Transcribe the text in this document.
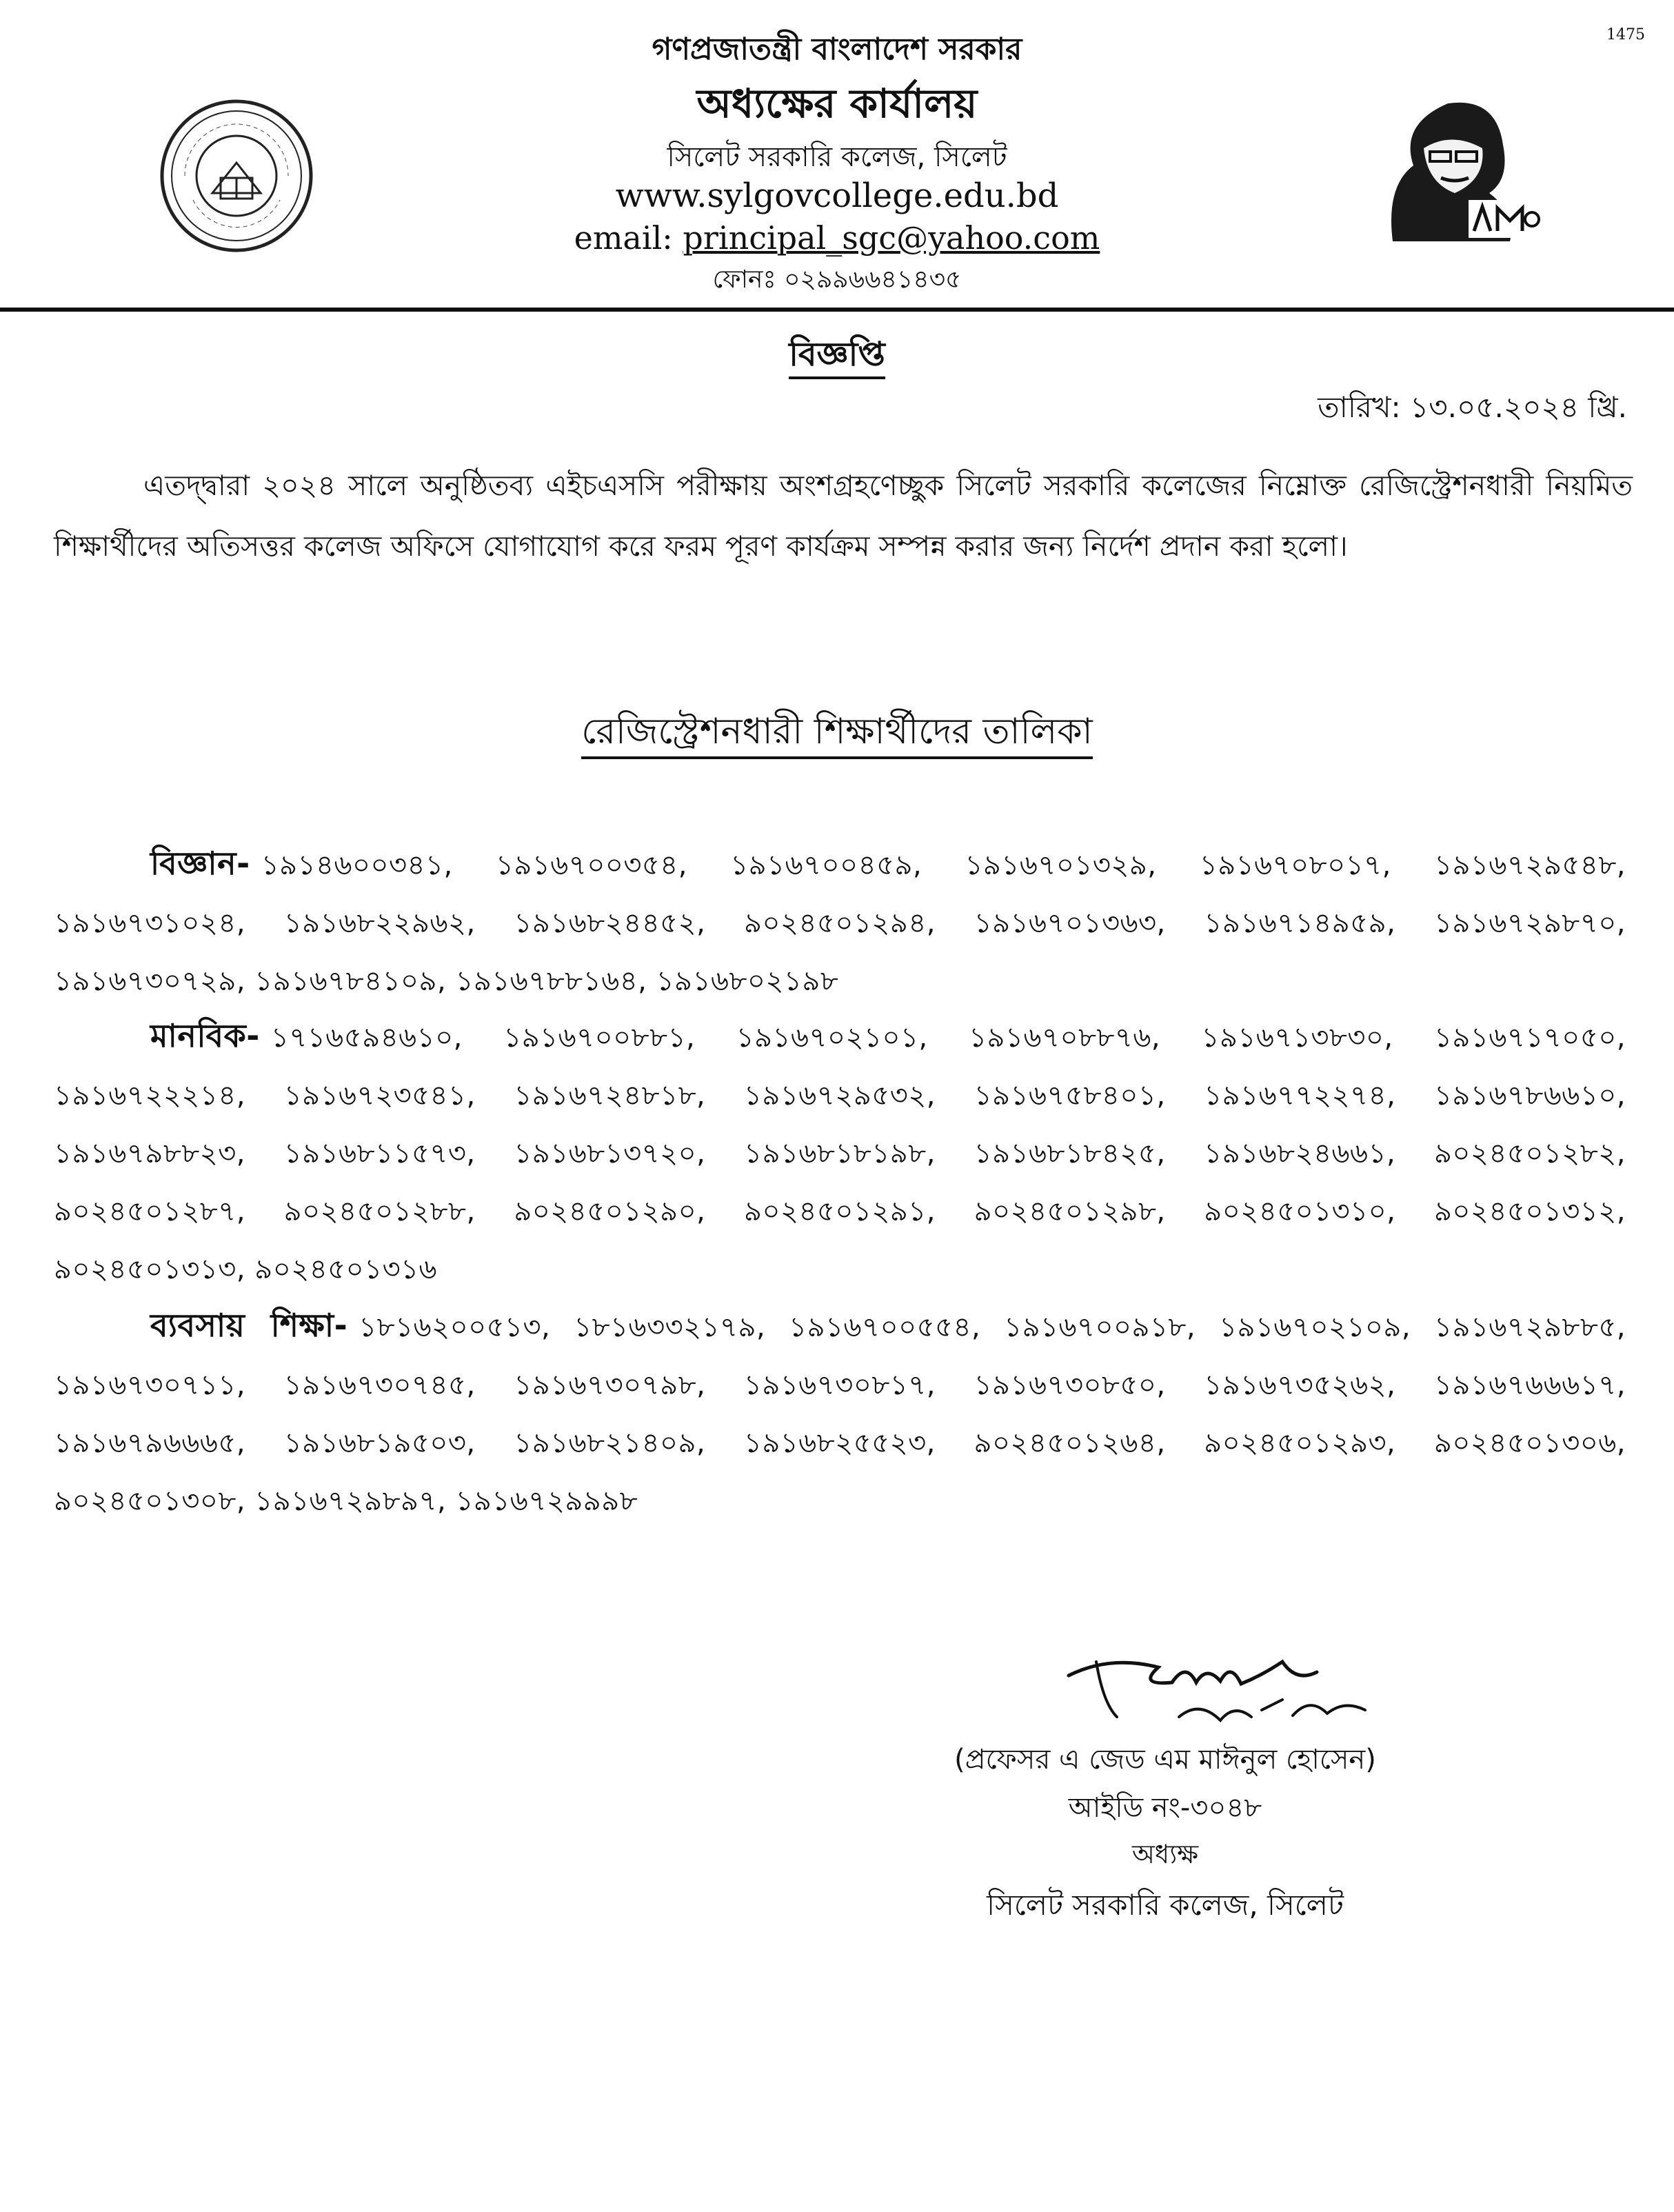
1475
গণপ্রজাতন্ত্রী বাংলাদেশ সরকার
অধ্যক্ষের কার্যালয়
সিলেট সরকারি কলেজ, সিলেট
www.sylgovcollege.edu.bd
email: principal_sgc@yahoo.com
ফোনঃ ০২৯৯৬৬৪১৪৩৫
বিজ্ঞপ্তি
তারিখ: ১৩.০৫.২০২৪ খ্রি.
এতদ্দ্বারা ২০২৪ সালে অনুষ্ঠিতব্য এইচএসসি পরীক্ষায় অংশগ্রহণেচ্ছুক সিলেট সরকারি কলেজের নিম্নোক্ত রেজিস্ট্রেশনধারী নিয়মিত শিক্ষার্থীদের অতিসত্তর কলেজ অফিসে যোগাযোগ করে ফরম পূরণ কার্যক্রম সম্পন্ন করার জন্য নির্দেশ প্রদান করা হলো।
রেজিস্ট্রেশনধারী শিক্ষার্থীদের তালিকা
বিজ্ঞান- ১৯১৪৬০০৩৪১, ১৯১৬৭০০৩৫৪, ১৯১৬৭০০৪৫৯, ১৯১৬৭০১৩২৯, ১৯১৬৭০৮০১৭, ১৯১৬৭২৯৫৪৮, ১৯১৬৭৩১০২৪, ১৯১৬৮২২৯৬২, ১৯১৬৮২৪৪৫২, ৯০২৪৫০১২৯৪, ১৯১৬৭০১৩৬৩, ১৯১৬৭১৪৯৫৯, ১৯১৬৭২৯৮৭০, ১৯১৬৭৩০৭২৯, ১৯১৬৭৮৪১০৯, ১৯১৬৭৮৮১৬৪, ১৯১৬৮০২১৯৮
মানবিক- ১৭১৬৫৯৪৬১০, ১৯১৬৭০০৮৮১, ১৯১৬৭০২১০১, ১৯১৬৭০৮৮৭৬, ১৯১৬৭১৩৮৩০, ১৯১৬৭১৭০৫০, ১৯১৬৭২২২১৪, ১৯১৬৭২৩৫৪১, ১৯১৬৭২৪৮১৮, ১৯১৬৭২৯৫৩২, ১৯১৬৭৫৮৪০১, ১৯১৬৭৭২২৭৪, ১৯১৬৭৮৬৬১০, ১৯১৬৭৯৮৮২৩, ১৯১৬৮১১৫৭৩, ১৯১৬৮১৩৭২০, ১৯১৬৮১৮১৯৮, ১৯১৬৮১৮৪২৫, ১৯১৬৮২৪৬৬১, ৯০২৪৫০১২৮২, ৯০২৪৫০১২৮৭, ৯০২৪৫০১২৮৮, ৯০২৪৫০১২৯০, ৯০২৪৫০১২৯১, ৯০২৪৫০১২৯৮, ৯০২৪৫০১৩১০, ৯০২৪৫০১৩১২, ৯০২৪৫০১৩১৩, ৯০২৪৫০১৩১৬
ব্যবসায় শিক্ষা- ১৮১৬২০০৫১৩, ১৮১৬৩৩২১৭৯, ১৯১৬৭০০৫৫৪, ১৯১৬৭০০৯১৮, ১৯১৬৭০২১০৯, ১৯১৬৭২৯৮৮৫, ১৯১৬৭৩০৭১১, ১৯১৬৭৩০৭৪৫, ১৯১৬৭৩০৭৯৮, ১৯১৬৭৩০৮১৭, ১৯১৬৭৩০৮৫০, ১৯১৬৭৩৫২৬২, ১৯১৬৭৬৬৬১৭, ১৯১৬৭৯৬৬৬৫, ১৯১৬৮১৯৫০৩, ১৯১৬৮২১৪০৯, ১৯১৬৮২৫৫২৩, ৯০২৪৫০১২৬৪, ৯০২৪৫০১২৯৩, ৯০২৪৫০১৩০৬, ৯০২৪৫০১৩০৮, ১৯১৬৭২৯৮৯৭, ১৯১৬৭২৯৯৯৮
(প্রফেসর এ জেড এম মাঈনুল হোসেন)
আইডি নং-৩০৪৮
অধ্যক্ষ
সিলেট সরকারি কলেজ, সিলেট
